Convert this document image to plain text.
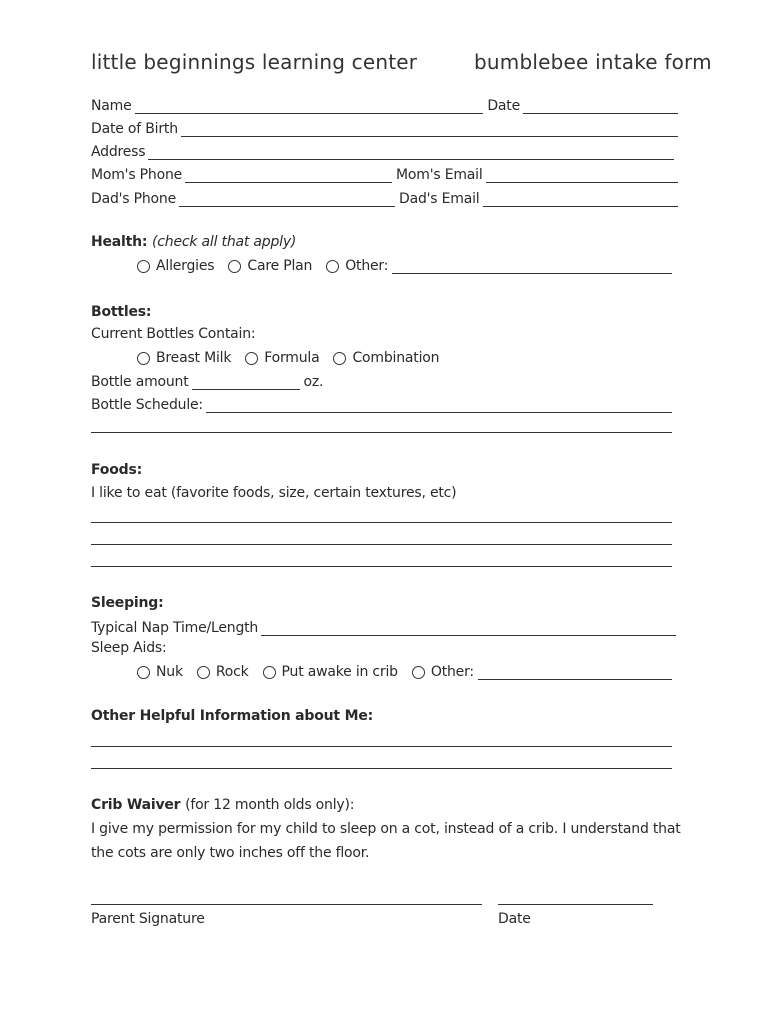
little beginnings learning center	bumblebee intake form
Name	Date
Date of Birth
Address
Mom's Phone	Mom's Email
Dad's Phone	Dad's Email
Health: (check all that apply)
Allergies Care Plan Other:
Bottles:
Current Bottles Contain:
Breast Milk Formula Combination
Bottle amount	oz.
Bottle Schedule:
Foods:
I like to eat (favorite foods, size, certain textures, etc)
Sleeping:
Typical Nap Time/Length
Sleep Aids:
Nuk Rock Put awake in crib Other:
Other Helpful Information about Me:
Crib Waiver (for 12 month olds only):
I give my permission for my child to sleep on a cot, instead of a crib. I understand that the cots are only two inches off the floor.
Parent Signature	Date
